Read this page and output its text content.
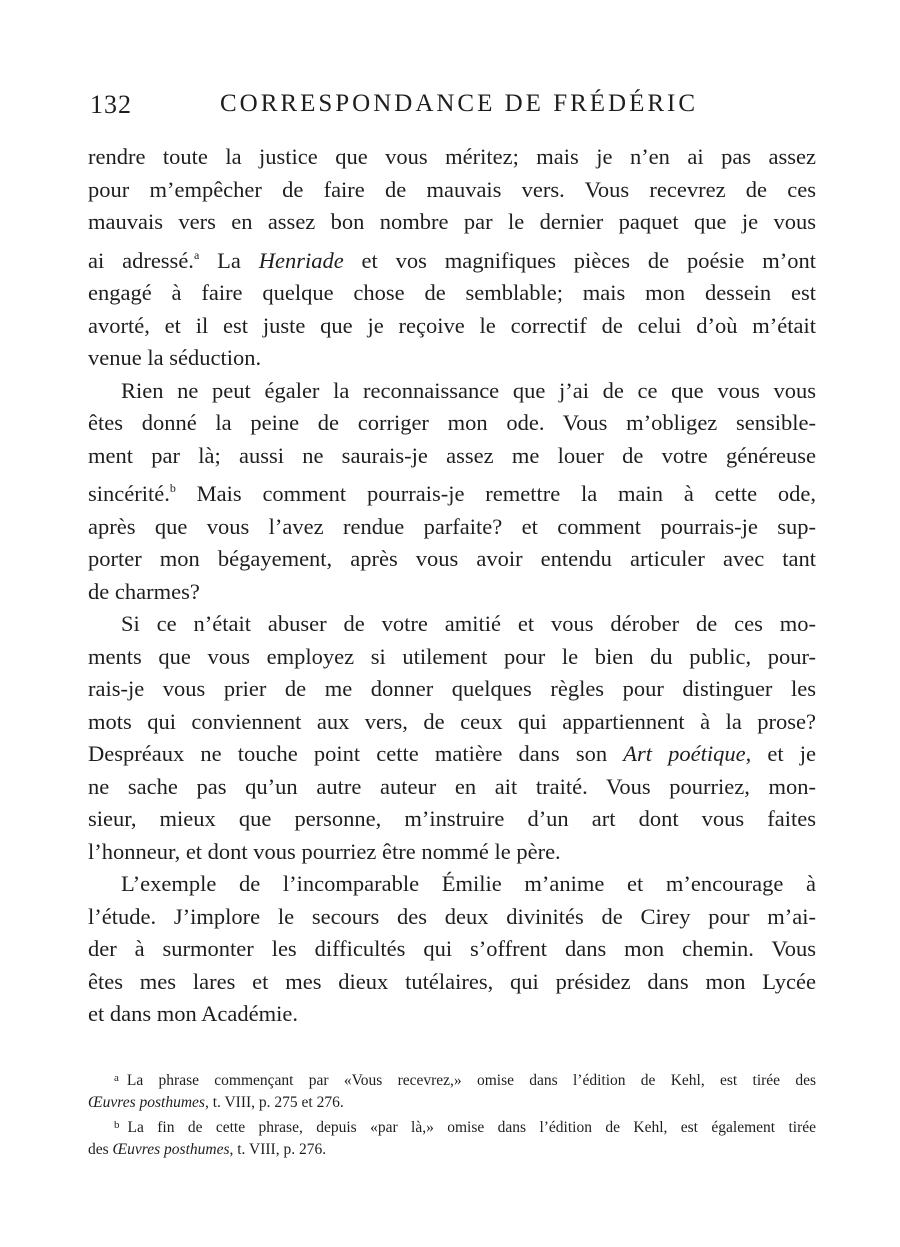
132	CORRESPONDANCE DE FRÉDÉRIC
rendre toute la justice que vous méritez; mais je n’en ai pas assez
pour m’empêcher de faire de mauvais vers. Vous recevrez de ces
mauvais vers en assez bon nombre par le dernier paquet que je vous
ai adressé.$^a$ La Henriade et vos magnifiques pièces de poésie m’ont
engagé à faire quelque chose de semblable; mais mon dessein est
avorté, et il est juste que je reçoive le correctif de celui d’où m’était
venue la séduction.
Rien ne peut égaler la reconnaissance que j’ai de ce que vous vous
êtes donné la peine de corriger mon ode. Vous m’obligez sensible-
ment par là; aussi ne saurais-je assez me louer de votre généreuse
sincérité.$^b$ Mais comment pourrais-je remettre la main à cette ode,
après que vous l’avez rendue parfaite? et comment pourrais-je sup-
porter mon bégayement, après vous avoir entendu articuler avec tant
de charmes?
Si ce n’était abuser de votre amitié et vous dérober de ces mo-
ments que vous employez si utilement pour le bien du public, pour-
rais-je vous prier de me donner quelques règles pour distinguer les
mots qui conviennent aux vers, de ceux qui appartiennent à la prose?
Despréaux ne touche point cette matière dans son Art poétique, et je
ne sache pas qu’un autre auteur en ait traité. Vous pourriez, mon-
sieur, mieux que personne, m’instruire d’un art dont vous faites
l’honneur, et dont vous pourriez être nommé le père.
L’exemple de l’incomparable Émilie m’anime et m’encourage à
l’étude. J’implore le secours des deux divinités de Cirey pour m’ai-
der à surmonter les difficultés qui s’offrent dans mon chemin. Vous
êtes mes lares et mes dieux tutélaires, qui présidez dans mon Lycée
et dans mon Académie.
$^a$ La phrase commençant par «Vous recevrez,» omise dans l’édition de Kehl, est tirée des
Œuvres posthumes, t. VIII, p. 275 et 276.
$^b$ La fin de cette phrase, depuis «par là,» omise dans l’édition de Kehl, est également tirée
des Œuvres posthumes, t. VIII, p. 276.
